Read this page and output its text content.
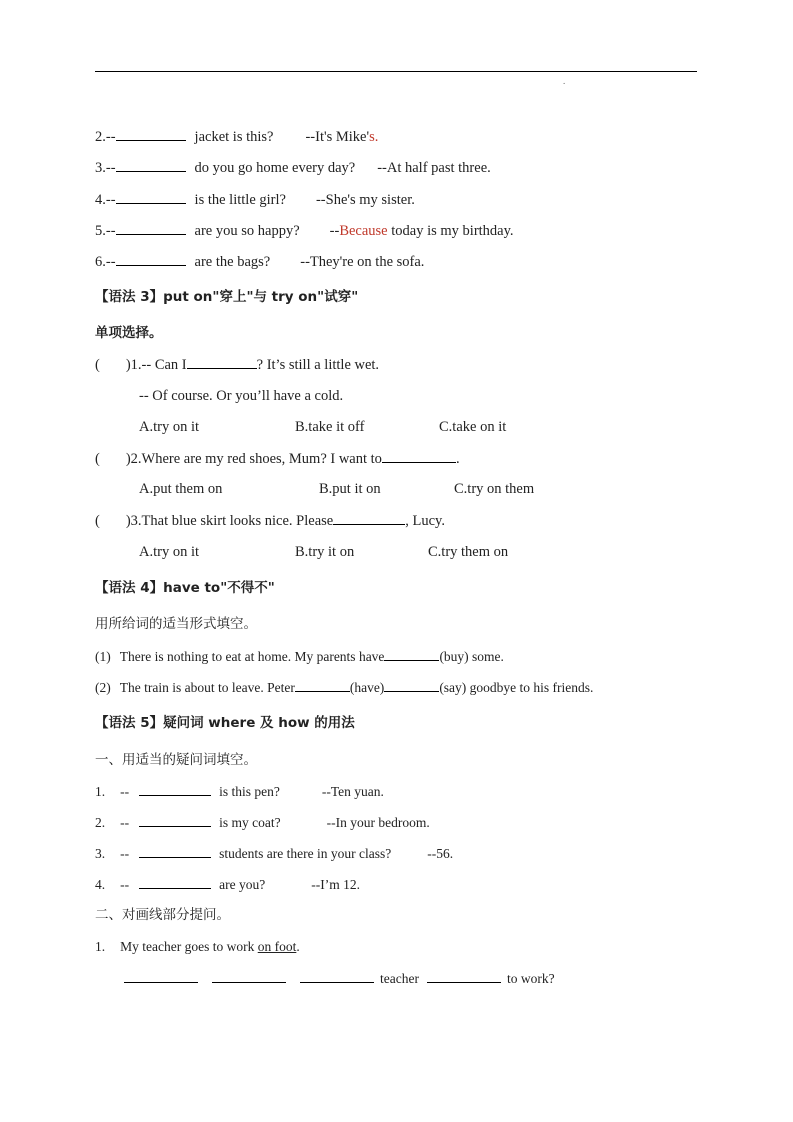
.
2.--	jacket is this? --It's Mike's.
3.--	do you go home every day? --At half past three.
4.--	is the little girl? --She's my sister.
5.--	are you so happy? --Because today is my birthday.
6.--	are the bags? --They're on the sofa.
【语法 3】put on"穿上"与 try on"试穿"
单项选择。
( )1.-- Can I	? It’s still a little wet.
-- Of course. Or you’ll have a cold.
A.try on it	B.take it off	C.take on it
( )2.Where are my red shoes, Mum? I want to	.
A.put them on	B.put it on	C.try on them
( )3.That blue skirt looks nice. Please	, Lucy.
A.try on it	B.try it on	C.try them on
【语法 4】have to"不得不"
用所给词的适当形式填空。
(1) There is nothing to eat at home. My parents have	(buy) some.
(2) The train is about to leave. Peter	(have)	(say) goodbye to his friends.
【语法 5】疑问词 where 及 how 的用法
一、用适当的疑问词填空。
1. --	is this pen?	--Ten yuan.
2. --	is my coat?	--In your bedroom.
3. --	students are there in your class?	--56.
4. --	are you?	--I’m 12.
二、对画线部分提问。
1. My teacher goes to work on foot.
teacher	to work?
